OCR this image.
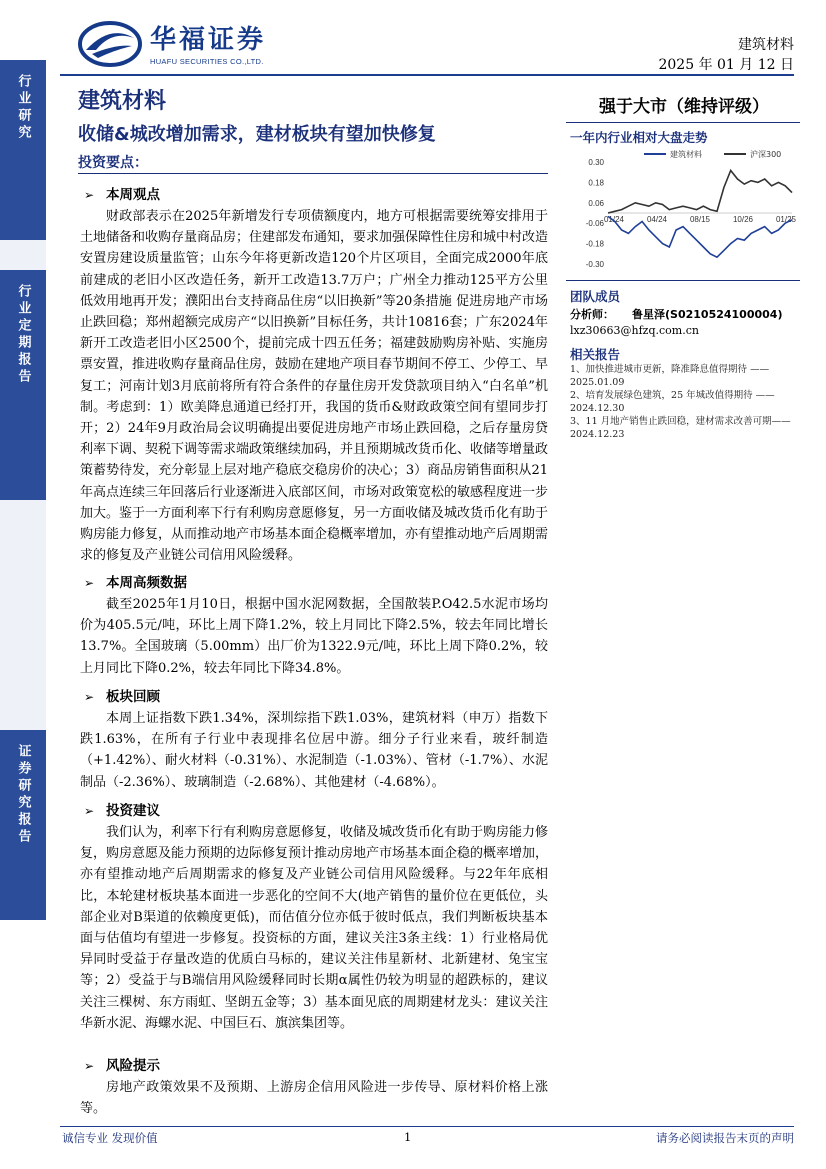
华福证券
HUAFU SECURITIES CO.,LTD.
建筑材料
2025 年 01 月 12 日
行业研究
行业定期报告
证券研究报告
建筑材料
收储&城改增加需求，建材板块有望加快修复
投资要点：
➢ 本周观点
财政部表示在2025年新增发行专项债额度内，地方可根据需要统筹安排用于土地储备和收购存量商品房；住建部发布通知，要求加强保障性住房和城中村改造安置房建设质量监管；山东今年将更新改造120个片区项目，全面完成2000年底前建成的老旧小区改造任务，新开工改造13.7万户；广州全力推动125平方公里低效用地再开发；濮阳出台支持商品住房“以旧换新”等20条措施 促进房地产市场止跌回稳；郑州超额完成房产“以旧换新”目标任务，共计10816套；广东2024年新开工改造老旧小区2500个，提前完成十四五任务；福建鼓励购房补贴、实施房票安置，推进收购存量商品住房，鼓励在建地产项目春节期间不停工、少停工、早复工；河南计划3月底前将所有符合条件的存量住房开发贷款项目纳入“白名单”机制。考虑到：1）欧美降息通道已经打开，我国的货币&财政政策空间有望同步打开；2）24年9月政治局会议明确提出要促进房地产市场止跌回稳，之后存量房贷利率下调、契税下调等需求端政策继续加码，并且预期城改货币化、收储等增量政策蓄势待发，充分彰显上层对地产稳底交稳房价的决心；3）商品房销售面积从21年高点连续三年回落后行业逐渐进入底部区间，市场对政策宽松的敏感程度进一步加大。鉴于一方面利率下行有利购房意愿修复，另一方面收储及城改货币化有助于购房能力修复，从而推动地产市场基本面企稳概率增加，亦有望推动地产后周期需求的修复及产业链公司信用风险缓释。
➢ 本周高频数据
截至2025年1月10日，根据中国水泥网数据，全国散装P.O42.5水泥市场均价为405.5元/吨，环比上周下降1.2%，较上月同比下降2.5%，较去年同比增长13.7%。全国玻璃（5.00mm）出厂价为1322.9元/吨，环比上周下降0.2%，较上月同比下降0.2%，较去年同比下降34.8%。
➢ 板块回顾
本周上证指数下跌1.34%，深圳综指下跌1.03%，建筑材料（申万）指数下跌1.63%，在所有子行业中表现排名位居中游。细分子行业来看，玻纤制造（+1.42%）、耐火材料（-0.31%）、水泥制造（-1.03%）、管材（-1.7%）、水泥制品（-2.36%）、玻璃制造（-2.68%）、其他建材（-4.68%）。
➢ 投资建议
我们认为，利率下行有利购房意愿修复，收储及城改货币化有助于购房能力修复，购房意愿及能力预期的边际修复预计推动房地产市场基本面企稳的概率增加，亦有望推动地产后周期需求的修复及产业链公司信用风险缓释。与22年年底相比，本轮建材板块基本面进一步恶化的空间不大(地产销售的量价位在更低位，头部企业对B渠道的依赖度更低)，而估值分位亦低于彼时低点，我们判断板块基本面与估值均有望进一步修复。投资标的方面，建议关注3条主线：1）行业格局优异同时受益于存量改造的优质白马标的，建议关注伟星新材、北新建材、兔宝宝等；2）受益于与B端信用风险缓释同时长期α属性仍较为明显的超跌标的，建议关注三棵树、东方雨虹、坚朗五金等；3）基本面见底的周期建材龙头：建议关注华新水泥、海螺水泥、中国巨石、旗滨集团等。
➢ 风险提示
房地产政策效果不及预期、上游房企信用风险进一步传导、原材料价格上涨等。
强于大市（维持评级）
一年内行业相对大盘走势
0.30
0.18
0.06
-0.06
-0.18
-0.30
01/24	04/24	08/15	10/26	01/25
建筑材料	沪深300
团队成员
分析师： 鲁星泽(S0210524100004)
lxz30663@hfzq.com.cn
相关报告
1、加快推进城市更新，降准降息值得期待 ——2025.01.09
2、培育发展绿色建筑，25 年城改值得期待 ——2024.12.30
3、11 月地产销售止跌回稳，建材需求改善可期——2024.12.23
诚信专业 发现价值	1	请务必阅读报告末页的声明
